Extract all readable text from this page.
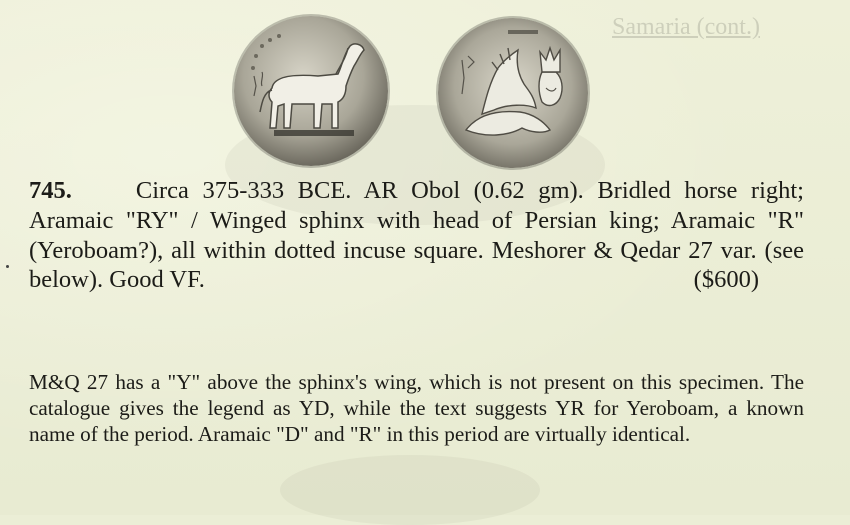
Samaria (cont.)
745.	Circa 375-333 BCE. AR Obol (0.62 gm). Bridled horse right; Aramaic "RY" / Winged sphinx with head of Persian king; Aramaic "R" (Yeroboam?), all within dotted incuse square. Meshorer & Qedar 27 var. (see below). Good VF.	($600)
M&Q 27 has a "Y" above the sphinx's wing, which is not present on this specimen. The catalogue gives the legend as YD, while the text suggests YR for Yeroboam, a known name of the period. Aramaic "D" and "R" in this period are virtually identical.
